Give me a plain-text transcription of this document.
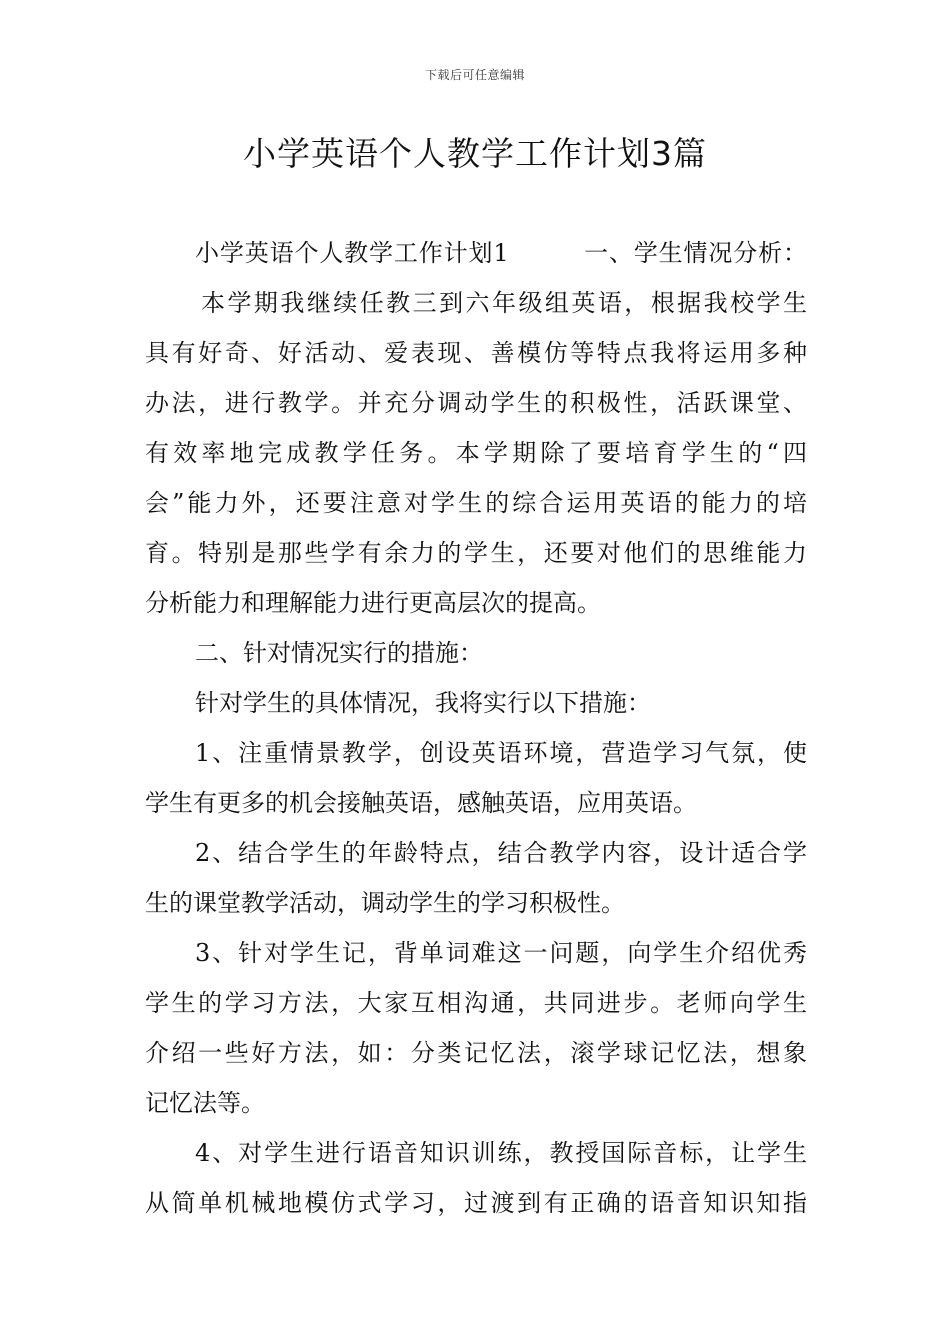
下载后可任意编辑
小学英语个人教学工作计划3篇
小学英语个人教学工作计划1　　　一、学生情况分析：
本学期我继续任教三到六年级组英语，根据我校学生
具有好奇、好活动、爱表现、善模仿等特点我将运用多种
办法，进行教学。并充分调动学生的积极性，活跃课堂、
有效率地完成教学任务。本学期除了要培育学生的“四
会”能力外，还要注意对学生的综合运用英语的能力的培
育。特别是那些学有余力的学生，还要对他们的思维能力
分析能力和理解能力进行更高层次的提高。
二、针对情况实行的措施：
针对学生的具体情况，我将实行以下措施：
1、注重情景教学，创设英语环境，营造学习气氛，使
学生有更多的机会接触英语，感触英语，应用英语。
2、结合学生的年龄特点，结合教学内容，设计适合学
生的课堂教学活动，调动学生的学习积极性。
3、针对学生记，背单词难这一问题，向学生介绍优秀
学生的学习方法，大家互相沟通，共同进步。老师向学生
介绍一些好方法，如：分类记忆法，滚学球记忆法，想象
记忆法等。
4、对学生进行语音知识训练，教授国际音标，让学生
从简单机械地模仿式学习，过渡到有正确的语音知识知指
